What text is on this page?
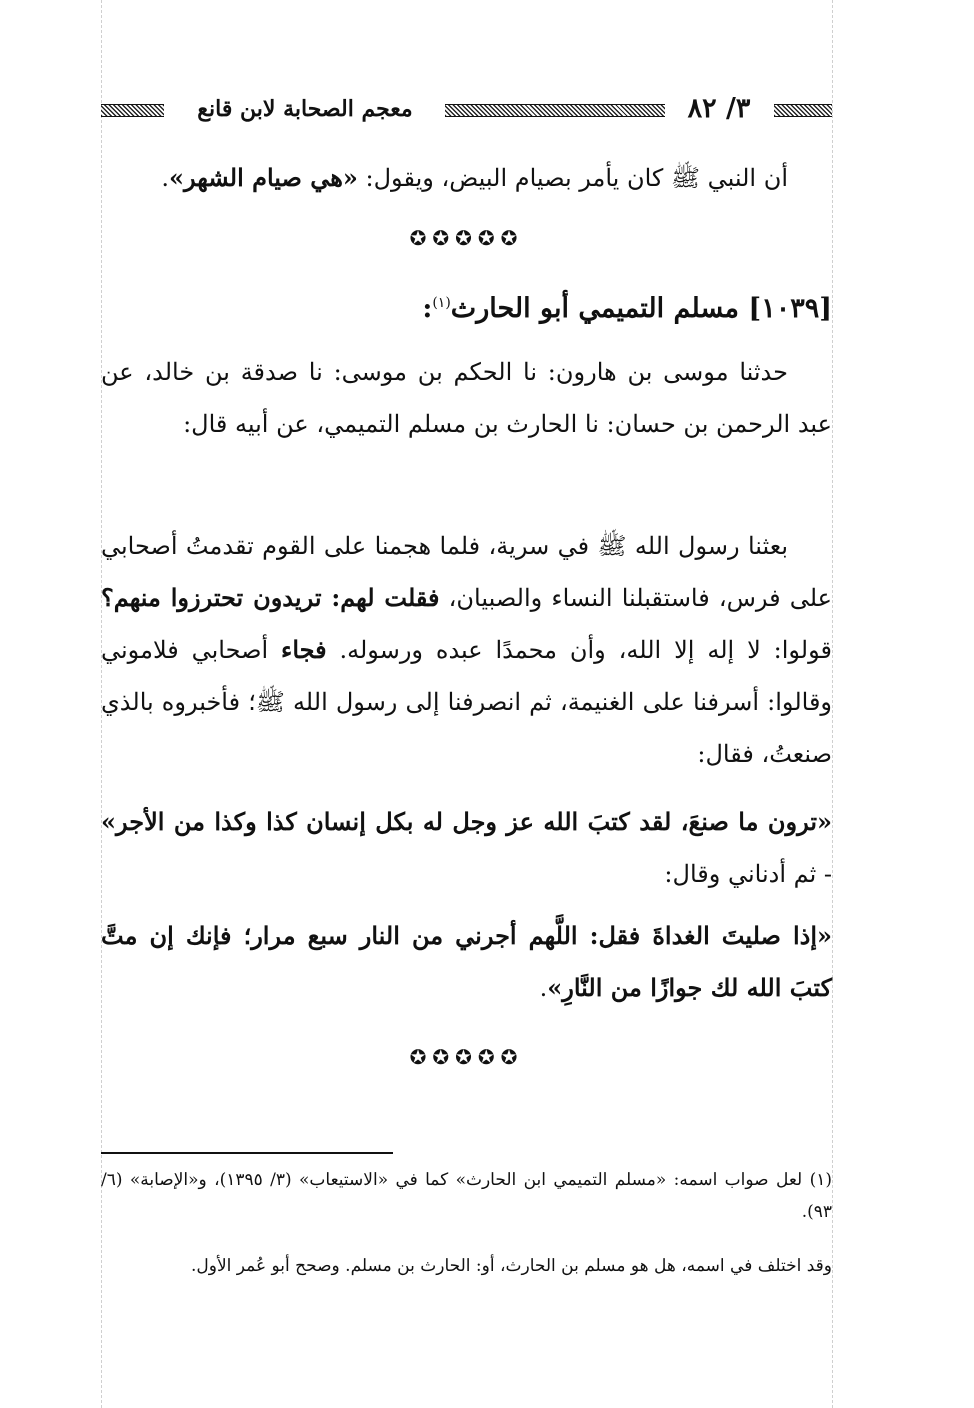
٣/ ٨٢
معجم الصحابة لابن قانع

أن النبي ﷺ كان يأمر بصيام البيض، ويقول: «هي صيام الشهر».

✪✪✪✪✪
[١٠٣٩] مسلم التميمي أبو الحارث$^{(١)}$:

حدثنا موسى بن هارون: نا الحكم بن موسى: نا صدقة بن خالد، عن عبد الرحمن بن حسان: نا الحارث بن مسلم التميمي، عن أبيه قال:

بعثنا رسول الله ﷺ في سرية، فلما هجمنا على القوم تقدمتُ أصحابي على فرس، فاستقبلنا النساء والصبيان، فقلت لهم: تريدون تحترزوا منهم؟ قولوا: لا إله إلا الله، وأن محمدًا عبده ورسوله. فجاء أصحابي فلاموني وقالوا: أسرفنا على الغنيمة، ثم انصرفنا إلى رسول الله ﷺ؛ فأخبروه بالذي صنعتُ، فقال:

«ترون ما صنعَ، لقد كتبَ الله عز وجل له بكل إنسان كذا وكذا من الأجر» - ثم أدناني وقال:

«إذا صليتَ الغداةَ فقل: اللَّهم أجرني من النار سبع مرار؛ فإنك إن متَّ كتبَ الله لك جوازًا من النَّارِ».

✪✪✪✪✪

(١) لعل صواب اسمه: «مسلم التميمي ابن الحارث» كما في «الاستيعاب» (٣/ ١٣٩٥)، و«الإصابة» (٦/ ٩٣).

وقد اختلف في اسمه، هل هو مسلم بن الحارث، أو: الحارث بن مسلم. وصحح أبو عُمر الأول.
